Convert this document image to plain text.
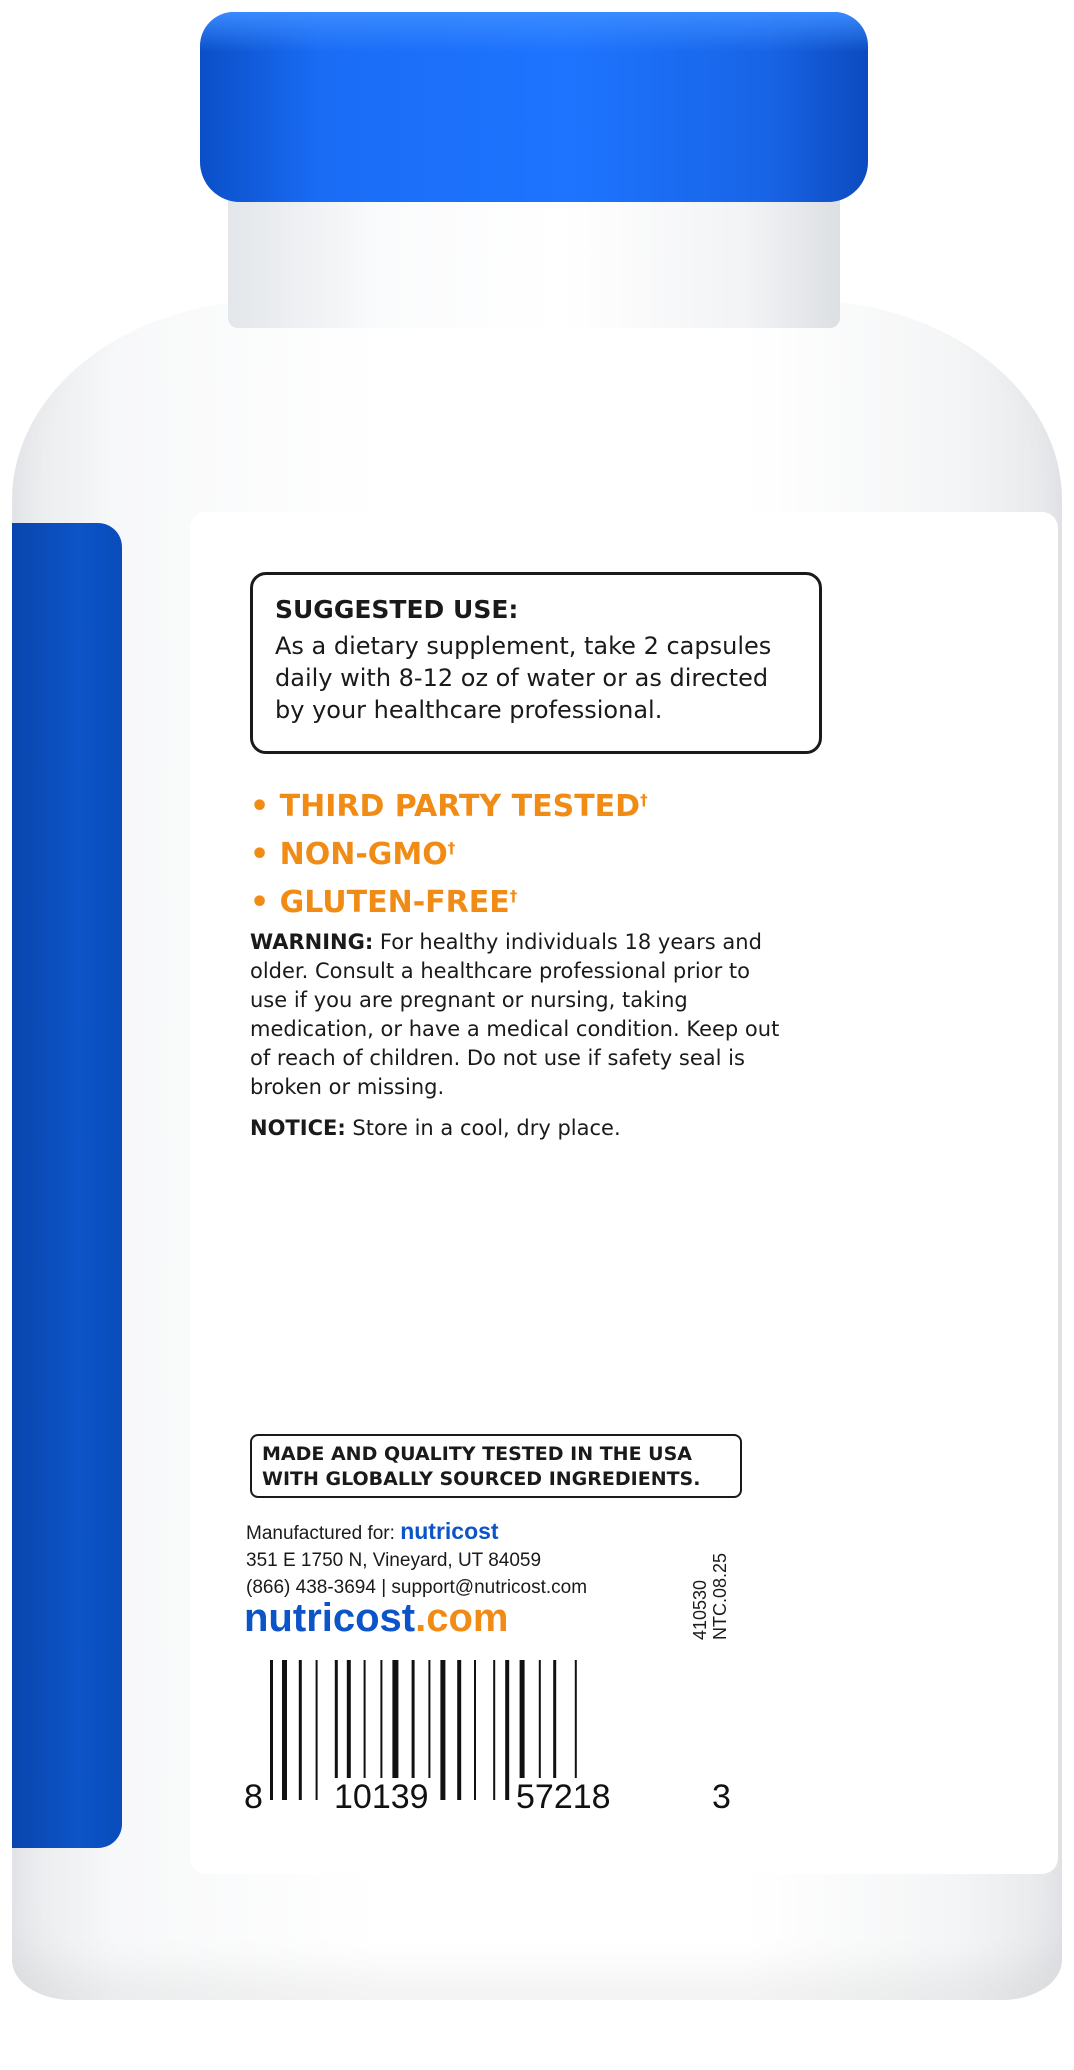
SUGGESTED USE:
As a dietary supplement, take 2 capsules
daily with 8-12 oz of water or as directed
by your healthcare professional.
• THIRD PARTY TESTED†
• NON-GMO†
• GLUTEN-FREE†
WARNING: For healthy individuals 18 years and
older. Consult a healthcare professional prior to
use if you are pregnant or nursing, taking
medication, or have a medical condition. Keep out
of reach of children. Do not use if safety seal is
broken or missing.
NOTICE: Store in a cool, dry place.
MADE AND QUALITY TESTED IN THE USA
WITH GLOBALLY SOURCED INGREDIENTS.
Manufactured for: nutricost
351 E 1750 N, Vineyard, UT 84059
(866) 438-3694 | support@nutricost.com
nutricost.com	410530 NTC.08.25
8 10139	57218	3
